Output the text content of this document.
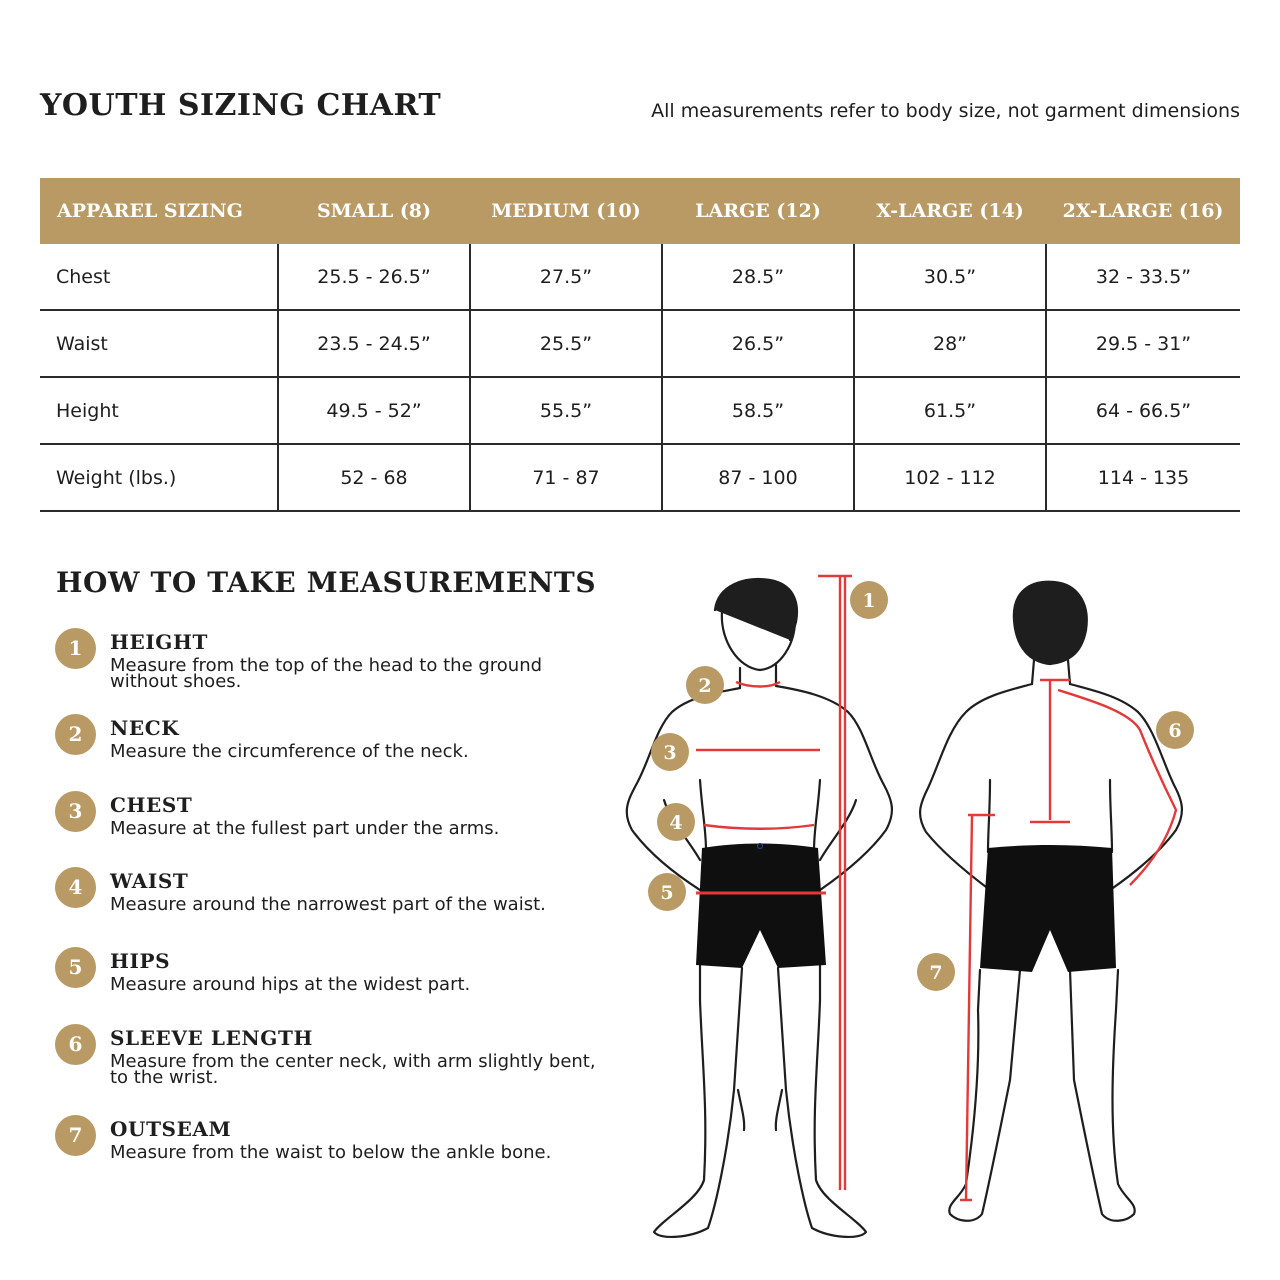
YOUTH SIZING CHART	All measurements refer to body size, not garment dimensions
APPAREL SIZING	SMALL (8)	MEDIUM (10)	LARGE (12)	X-LARGE (14)	2X-LARGE (16)
Chest	25.5 - 26.5”	27.5”	28.5”	30.5”	32 - 33.5”
Waist	23.5 - 24.5”	25.5”	26.5”	28”	29.5 - 31”
Height	49.5 - 52”	55.5”	58.5”	61.5”	64 - 66.5”
Weight (lbs.)	52 - 68	71 - 87	87 - 100	102 - 112	114 - 135
HOW TO TAKE MEASUREMENTS
1	HEIGHT
Measure from the top of the head to the ground without shoes.
2	NECK
Measure the circumference of the neck.
3	CHEST
Measure at the fullest part under the arms.
4	WAIST
Measure around the narrowest part of the waist.
5	HIPS
Measure around hips at the widest part.
6	SLEEVE LENGTH
Measure from the center neck, with arm slightly bent, to the wrist.
7	OUTSEAM
Measure from the waist to below the ankle bone.
1
2
3
4
5
6
7
